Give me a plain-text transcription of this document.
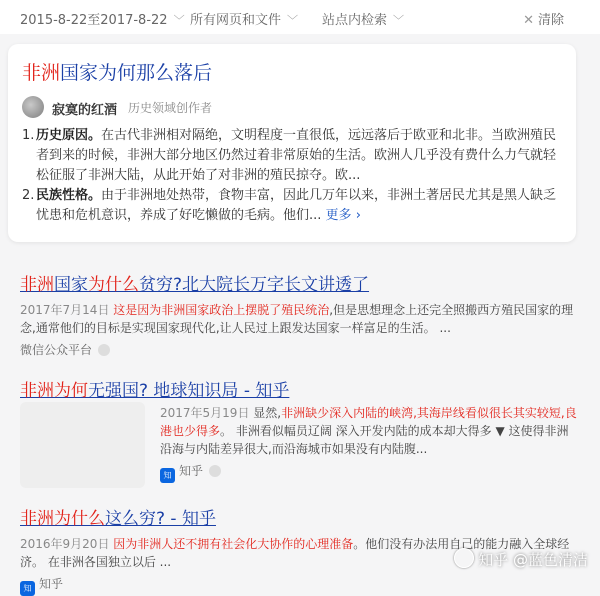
2015-8-22至2017-8-22 ﹀ 所有网页和文件 ﹀ 站点内检索 ﹀	✕ 清除
非洲国家为何那么落后
寂寞的红酒 历史领域创作者
1. 历史原因。在古代非洲相对隔绝，文明程度一直很低，远远落后于欧亚和北非。当欧洲殖民者到来的时候，非洲大部分地区仍然过着非常原始的生活。欧洲人几乎没有费什么力气就轻松征服了非洲大陆，从此开始了对非洲的殖民掠夺。欧...
2. 民族性格。由于非洲地处热带，食物丰富，因此几万年以来，非洲土著居民尤其是黑人缺乏忧患和危机意识，养成了好吃懒做的毛病。他们... 更多 ›
非洲国家为什么贫穷?北大院长万字长文讲透了
2017年7月14日 这是因为非洲国家政治上摆脱了殖民统治,但是思想理念上还完全照搬西方殖民国家的理念,通常他们的目标是实现国家现代化,让人民过上跟发达国家一样富足的生活。 ...
微信公众平台
非洲为何无强国? 地球知识局 - 知乎
2017年5月19日 显然,非洲缺少深入内陆的峡湾,其海岸线看似很长其实较短,良港也少得多。 非洲看似幅员辽阔 深入开发内陆的成本却大得多 ▼ 这使得非洲沿海与内陆差异很大,而沿海城市如果没有内陆腹...
知 知乎
非洲为什么这么穷? - 知乎
2016年9月20日 因为非洲人还不拥有社会化大协作的心理准备。他们没有办法用自己的能力融入全球经济。 在非洲各国独立以后 ...
知 知乎
知乎 @蓝色清洁
